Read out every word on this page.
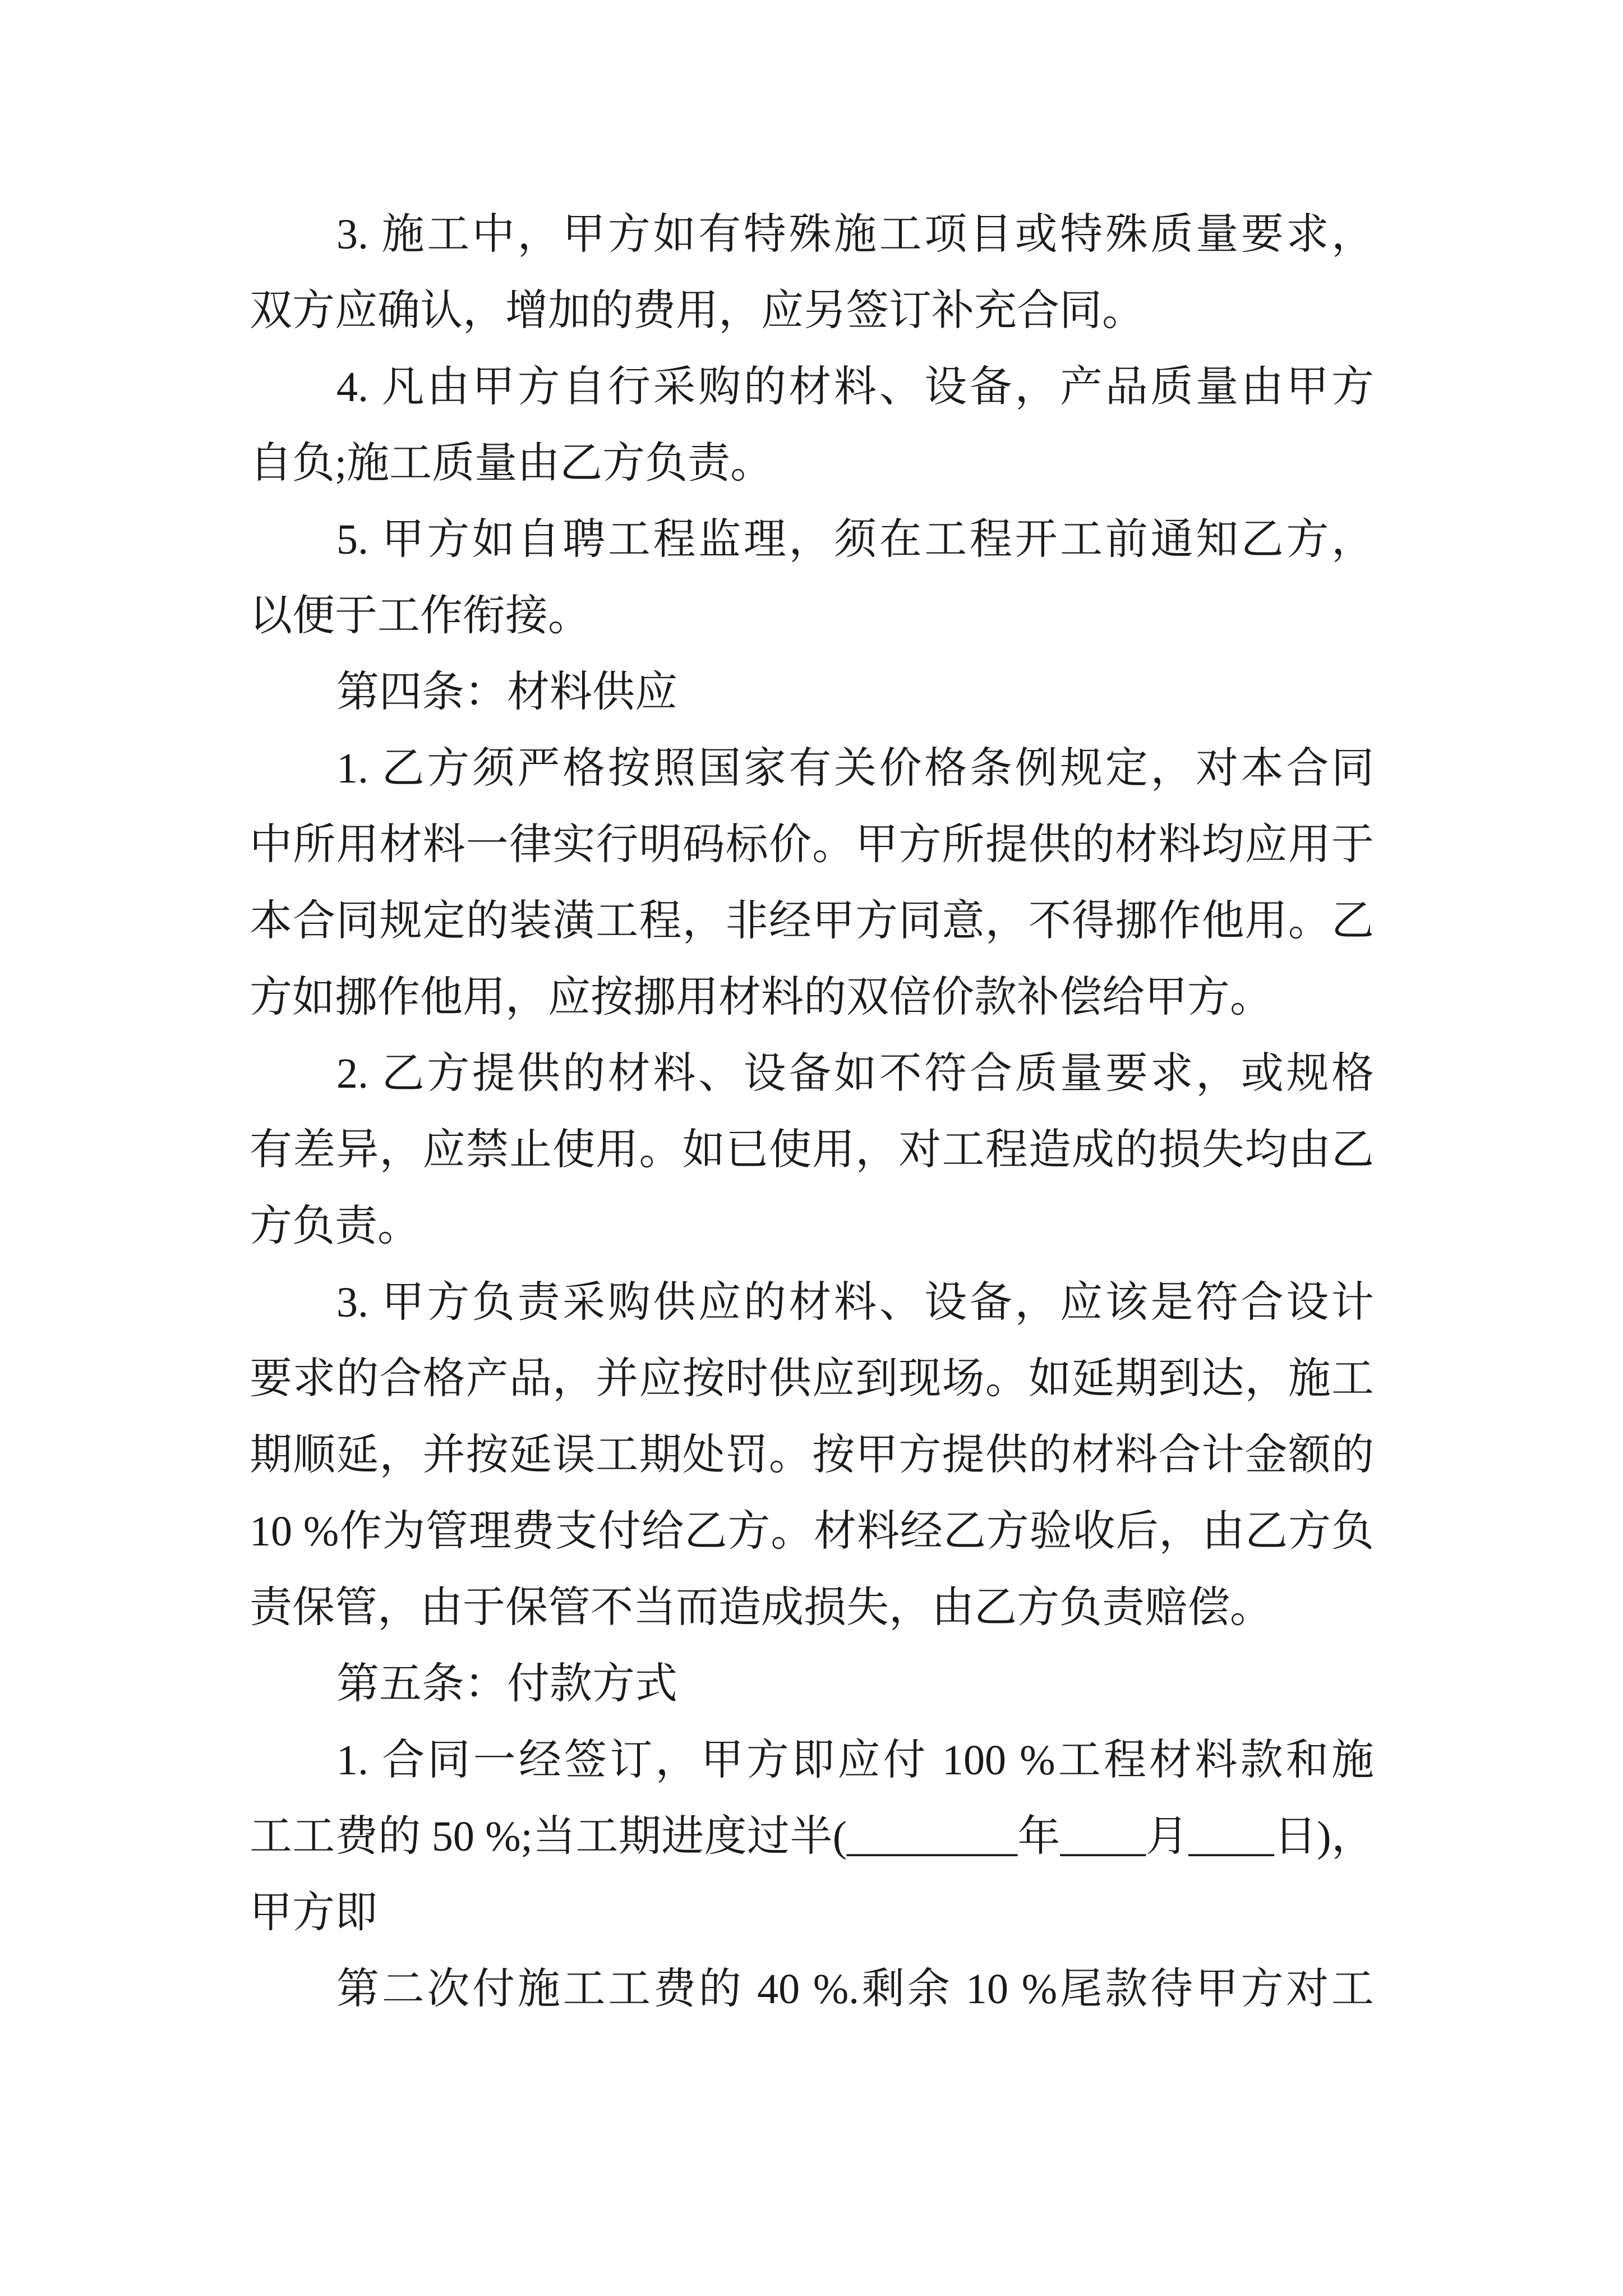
3. 施工中，甲方如有特殊施工项目或特殊质量要求，
双方应确认，增加的费用，应另签订补充合同。
4. 凡由甲方自行采购的材料、设备，产品质量由甲方
自负;施工质量由乙方负责。
5. 甲方如自聘工程监理，须在工程开工前通知乙方，
以便于工作衔接。
第四条：材料供应
1. 乙方须严格按照国家有关价格条例规定，对本合同
中所用材料一律实行明码标价。甲方所提供的材料均应用于
本合同规定的装潢工程，非经甲方同意，不得挪作他用。乙
方如挪作他用，应按挪用材料的双倍价款补偿给甲方。
2. 乙方提供的材料、设备如不符合质量要求，或规格
有差异，应禁止使用。如已使用，对工程造成的损失均由乙
方负责。
3. 甲方负责采购供应的材料、设备，应该是符合设计
要求的合格产品，并应按时供应到现场。如延期到达，施工
期顺延，并按延误工期处罚。按甲方提供的材料合计金额的
10 %作为管理费支付给乙方。材料经乙方验收后，由乙方负
责保管，由于保管不当而造成损失，由乙方负责赔偿。
第五条：付款方式
1. 合同一经签订，甲方即应付 100 %工程材料款和施
工工费的 50 %;当工期进度过半(________年____月____日)，
甲方即
第二次付施工工费的 40 %.剩余 10 %尾款待甲方对工
